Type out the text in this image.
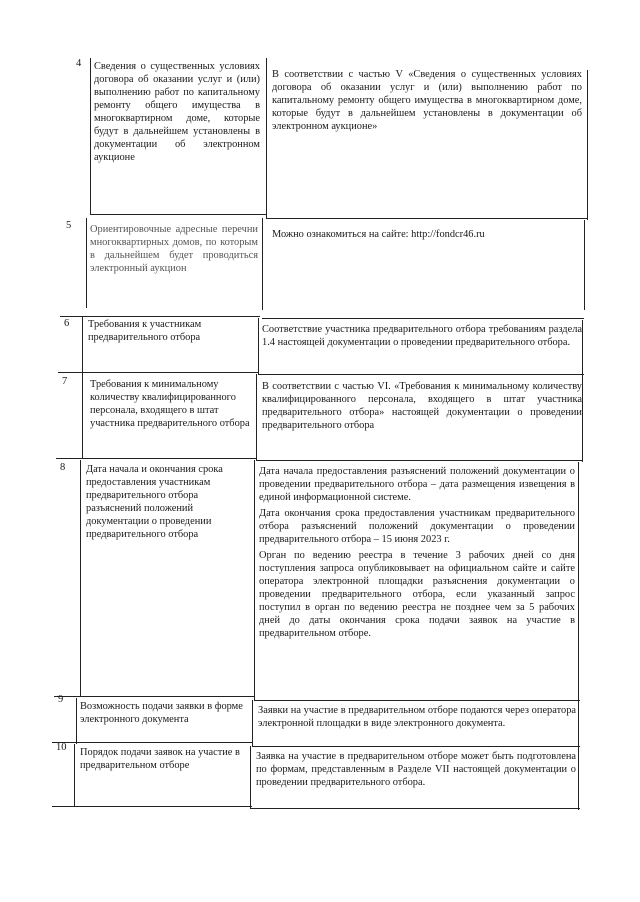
4 Сведения о существенных условиях договора об оказании услуг и (или) выполнению работ по капитальному ремонту общего имущества в многоквартирном доме, которые будут в дальнейшем установлены в документации об электронном аукционе
В соответствии с частью V «Сведения о существенных условиях договора об оказании услуг и (или) выполнению работ по капитальному ремонту общего имущества в многоквартирном доме, которые будут в дальнейшем установлены в документации об электронном аукционе»
5 Ориентировочные адресные перечни многоквартирных домов, по которым в дальнейшем будет проводиться электронный аукцион
Можно ознакомиться на сайте: http://fondcr46.ru
6 Требования к участникам предварительного отбора
Соответствие участника предварительного отбора требованиям раздела 1.4 настоящей документации о проведении предварительного отбора.
7 Требования к минимальному количеству квалифицированного персонала, входящего в штат участника предварительного отбора
В соответствии с частью VI. «Требования к минимальному количеству квалифицированного персонала, входящего в штат участника предварительного отбора» настоящей документации о проведении предварительного отбора
8 Дата начала и окончания срока предоставления участникам предварительного отбора разъяснений положений документации о проведении предварительного отбора
Дата начала предоставления разъяснений положений документации о проведении предварительного отбора – дата размещения извещения в единой информационной системе.
Дата окончания срока предоставления участникам предварительного отбора разъяснений положений документации о проведении предварительного отбора – 15 июня 2023 г.
Орган по ведению реестра в течение 3 рабочих дней со дня поступления запроса опубликовывает на официальном сайте и сайте оператора электронной площадки разъяснения документации о проведении предварительного отбора, если указанный запрос поступил в орган по ведению реестра не позднее чем за 5 рабочих дней до даты окончания срока подачи заявок на участие в предварительном отборе.
9
Возможность подачи заявки в форме электронного документа
Заявки на участие в предварительном отборе подаются через оператора электронной площадки в виде электронного документа.
10 Порядок подачи заявок на участие в предварительном отборе
Заявка на участие в предварительном отборе может быть подготовлена по формам, представленным в Разделе VII настоящей документации о проведении предварительного отбора.
